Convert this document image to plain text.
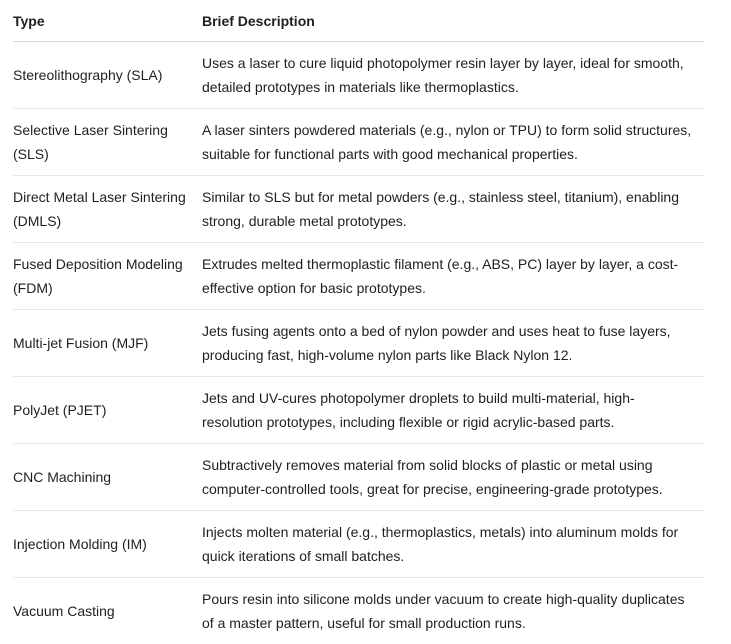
Type	Brief Description
Stereolithography (SLA)	Uses a laser to cure liquid photopolymer resin layer by layer, ideal for smooth, detailed prototypes in materials like thermoplastics.
Selective Laser Sintering (SLS)	A laser sinters powdered materials (e.g., nylon or TPU) to form solid structures, suitable for functional parts with good mechanical properties.
Direct Metal Laser Sintering (DMLS)	Similar to SLS but for metal powders (e.g., stainless steel, titanium), enabling strong, durable metal prototypes.
Fused Deposition Modeling (FDM)	Extrudes melted thermoplastic filament (e.g., ABS, PC) layer by layer, a cost-effective option for basic prototypes.
Multi-jet Fusion (MJF)	Jets fusing agents onto a bed of nylon powder and uses heat to fuse layers, producing fast, high-volume nylon parts like Black Nylon 12.
PolyJet (PJET)	Jets and UV-cures photopolymer droplets to build multi-material, high-resolution prototypes, including flexible or rigid acrylic-based parts.
CNC Machining	Subtractively removes material from solid blocks of plastic or metal using computer-controlled tools, great for precise, engineering-grade prototypes.
Injection Molding (IM)	Injects molten material (e.g., thermoplastics, metals) into aluminum molds for quick iterations of small batches.
Vacuum Casting	Pours resin into silicone molds under vacuum to create high-quality duplicates of a master pattern, useful for small production runs.
